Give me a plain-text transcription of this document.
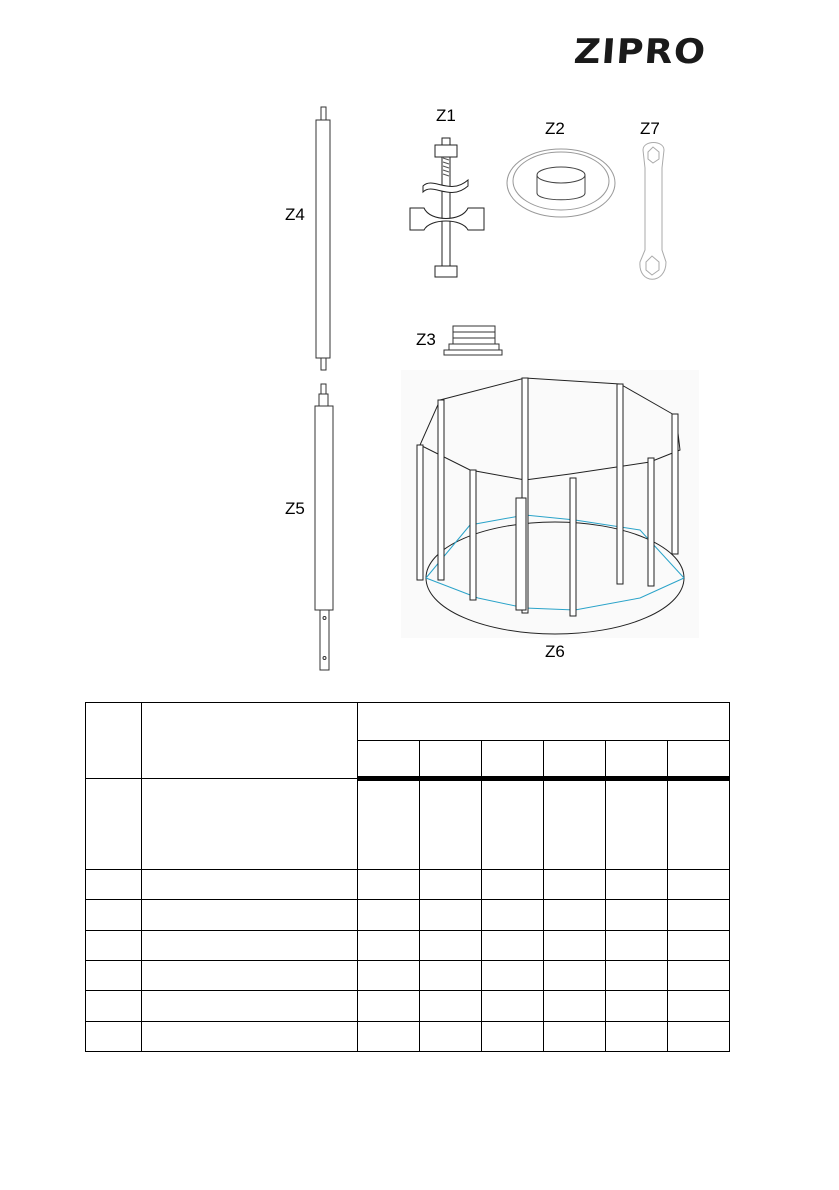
ZIPRO
Z1
Z2	Z7
Z4
Z3
Z5
Z6
